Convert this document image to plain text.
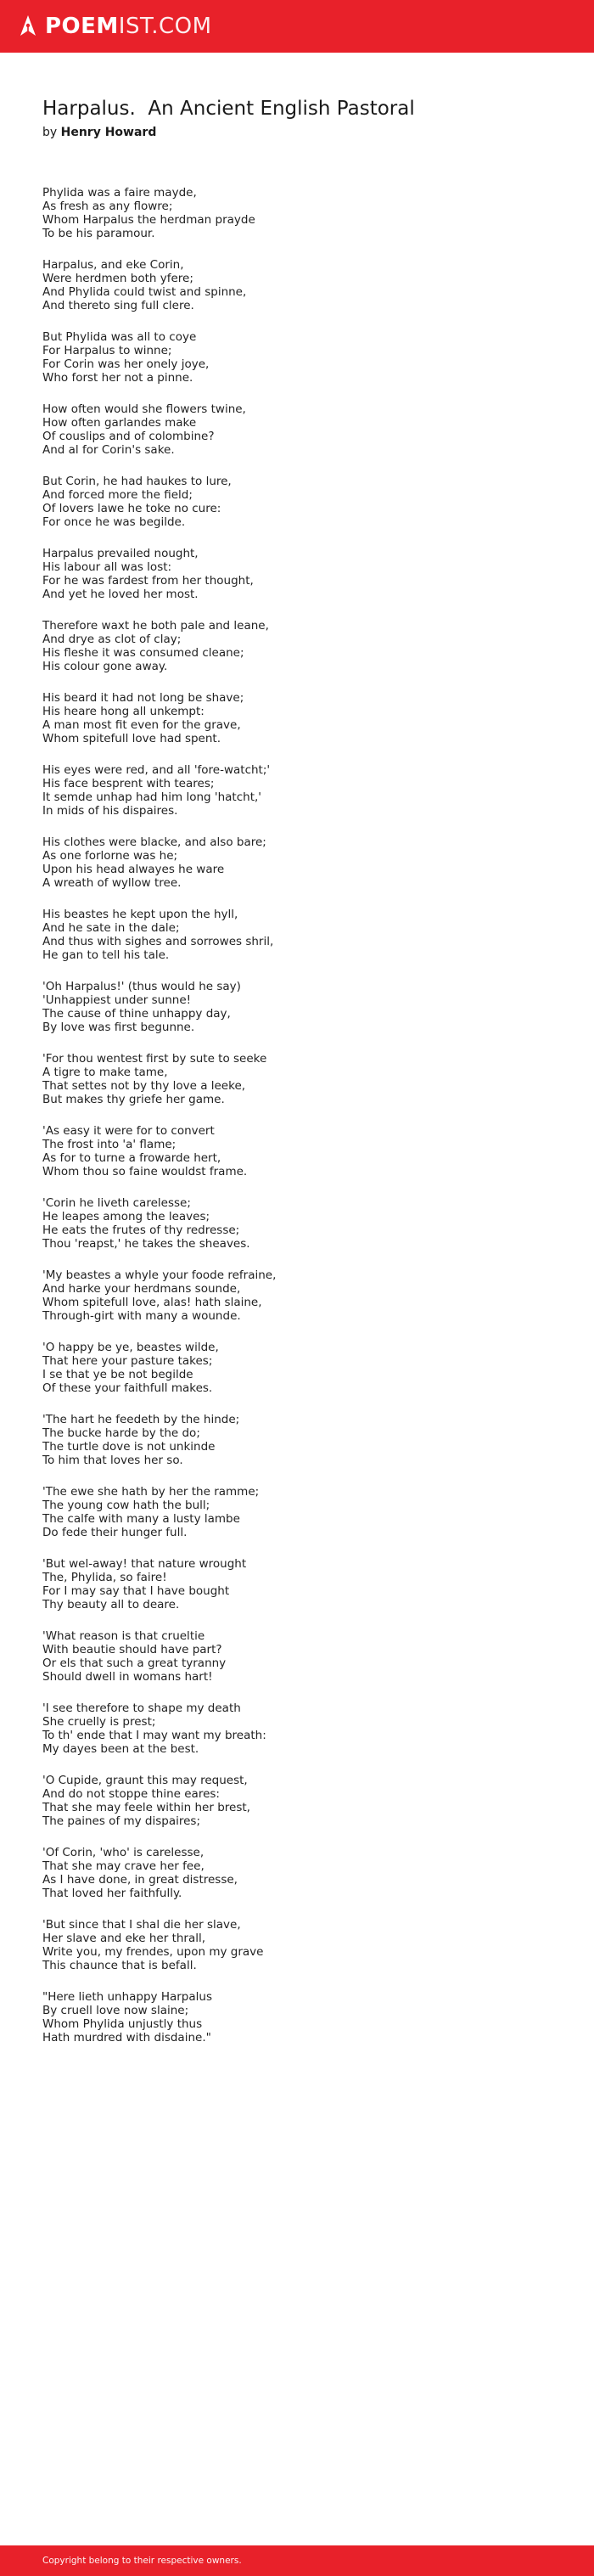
POEMIST.COM
Harpalus.  An Ancient English Pastoral
by Henry Howard
Phylida was a faire mayde,
As fresh as any flowre;
Whom Harpalus the herdman prayde
To be his paramour.
Harpalus, and eke Corin,
Were herdmen both yfere;
And Phylida could twist and spinne,
And thereto sing full clere.
But Phylida was all to coye
For Harpalus to winne;
For Corin was her onely joye,
Who forst her not a pinne.
How often would she flowers twine,
How often garlandes make
Of couslips and of colombine?
And al for Corin's sake.
But Corin, he had haukes to lure,
And forced more the field;
Of lovers lawe he toke no cure:
For once he was begilde.
Harpalus prevailed nought,
His labour all was lost:
For he was fardest from her thought,
And yet he loved her most.
Therefore waxt he both pale and leane,
And drye as clot of clay;
His fleshe it was consumed cleane;
His colour gone away.
His beard it had not long be shave;
His heare hong all unkempt:
A man most fit even for the grave,
Whom spitefull love had spent.
His eyes were red, and all 'fore-watcht;'
His face besprent with teares;
It semde unhap had him long 'hatcht,'
In mids of his dispaires.
His clothes were blacke, and also bare;
As one forlorne was he;
Upon his head alwayes he ware
A wreath of wyllow tree.
His beastes he kept upon the hyll,
And he sate in the dale;
And thus with sighes and sorrowes shril,
He gan to tell his tale.
'Oh Harpalus!' (thus would he say)
'Unhappiest under sunne!
The cause of thine unhappy day,
By love was first begunne.
'For thou wentest first by sute to seeke
A tigre to make tame,
That settes not by thy love a leeke,
But makes thy griefe her game.
'As easy it were for to convert
The frost into 'a' flame;
As for to turne a frowarde hert,
Whom thou so faine wouldst frame.
'Corin he liveth carelesse;
He leapes among the leaves;
He eats the frutes of thy redresse;
Thou 'reapst,' he takes the sheaves.
'My beastes a whyle your foode refraine,
And harke your herdmans sounde,
Whom spitefull love, alas! hath slaine,
Through-girt with many a wounde.
'O happy be ye, beastes wilde,
That here your pasture takes;
I se that ye be not begilde
Of these your faithfull makes.
'The hart he feedeth by the hinde;
The bucke harde by the do;
The turtle dove is not unkinde
To him that loves her so.
'The ewe she hath by her the ramme;
The young cow hath the bull;
The calfe with many a lusty lambe
Do fede their hunger full.
'But wel-away! that nature wrought
The, Phylida, so faire!
For I may say that I have bought
Thy beauty all to deare.
'What reason is that crueltie
With beautie should have part?
Or els that such a great tyranny
Should dwell in womans hart!
'I see therefore to shape my death
She cruelly is prest;
To th' ende that I may want my breath:
My dayes been at the best.
'O Cupide, graunt this may request,
And do not stoppe thine eares:
That she may feele within her brest,
The paines of my dispaires;
'Of Corin, 'who' is carelesse,
That she may crave her fee,
As I have done, in great distresse,
That loved her faithfully.
'But since that I shal die her slave,
Her slave and eke her thrall,
Write you, my frendes, upon my grave
This chaunce that is befall.
"Here lieth unhappy Harpalus
By cruell love now slaine;
Whom Phylida unjustly thus
Hath murdred with disdaine."
Copyright belong to their respective owners.
